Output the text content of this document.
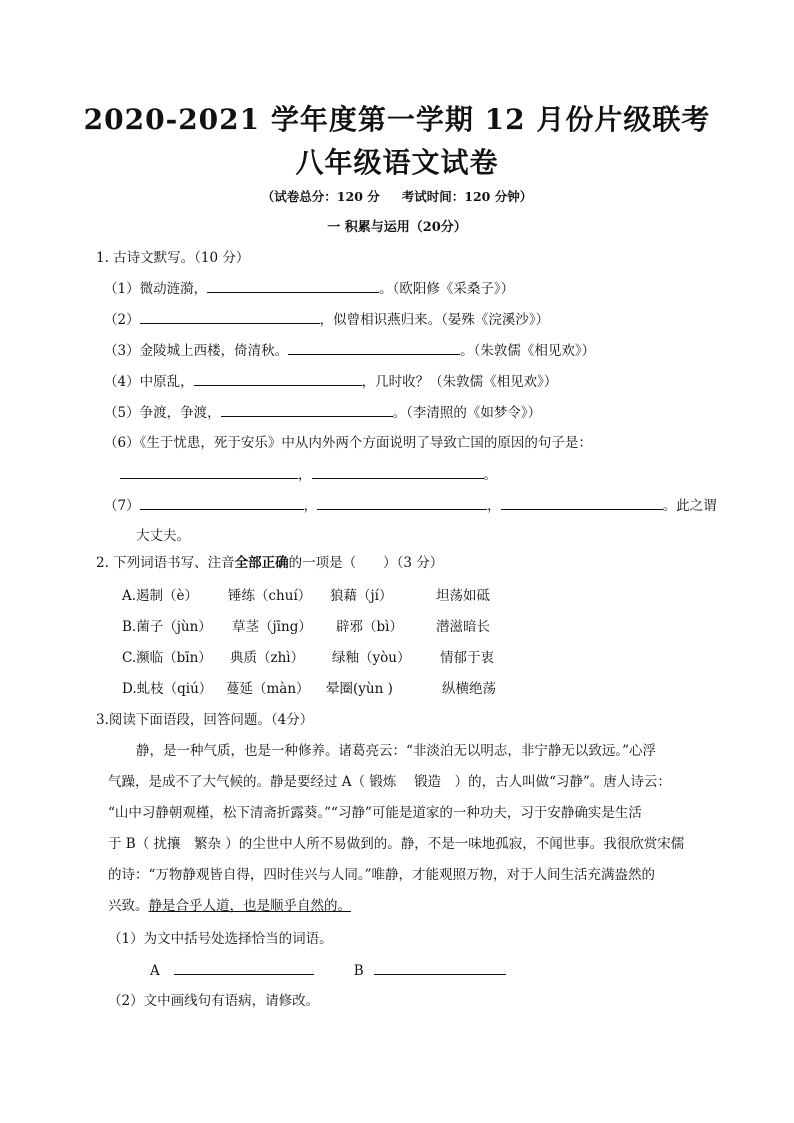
2020-2021 学年度第一学期 12 月份片级联考
八年级语文试卷
（试卷总分：120 分 考试时间：120 分钟）
一 积累与运用（20分）
1. 古诗文默写。（10 分）
（1）微动涟漪，	。（欧阳修《采桑子》）
（2）	，似曾相识燕归来。（晏殊《浣溪沙》）
（3）金陵城上西楼，倚清秋。	。（朱敦儒《相见欢》）
（4）中原乱，	，几时收？（朱敦儒《相见欢》）
（5）争渡，争渡，	。（李清照的《如梦令》）
（6）《生于忧患，死于安乐》中从内外两个方面说明了导致亡国的原因的句子是：
，	。
（7）	，	，	。此之谓
大丈夫。
2. 下列词语书写、注音全部正确的一项是（　　）（3 分）
A.遏制（è） 锤练（chuí） 狼藉（jí）	坦荡如砥
B.菌子（jùn） 草茎（jīng） 辟邪（bì） 潜滋暗长
C.濒临（bīn） 典质（zhì） 绿釉（yòu） 情郁于衷
D.虬枝（qiú） 蔓延（màn） 晕圈(yùn )	纵横绝荡
3.阅读下面语段，回答问题。（4分）
静，是一种气质，也是一种修养。诸葛亮云：“非淡泊无以明志，非宁静无以致远。”心浮
气躁，是成不了大气候的。静是要经过 A（ 锻炼　 锻造　）的，古人叫做“习静”。唐人诗云：
“山中习静朝观槿，松下清斋折露葵。”“习静”可能是道家的一种功夫，习于安静确实是生活
于 B（ 扰攘　繁杂 ）的尘世中人所不易做到的。静，不是一味地孤寂，不闻世事。我很欣赏宋儒
的诗：“万物静观皆自得，四时佳兴与人同。”唯静，才能观照万物，对于人间生活充满盎然的
兴致。静是合乎人道，也是顺乎自然的。
（1）为文中括号处选择恰当的词语。
A	B
（2）文中画线句有语病，请修改。
